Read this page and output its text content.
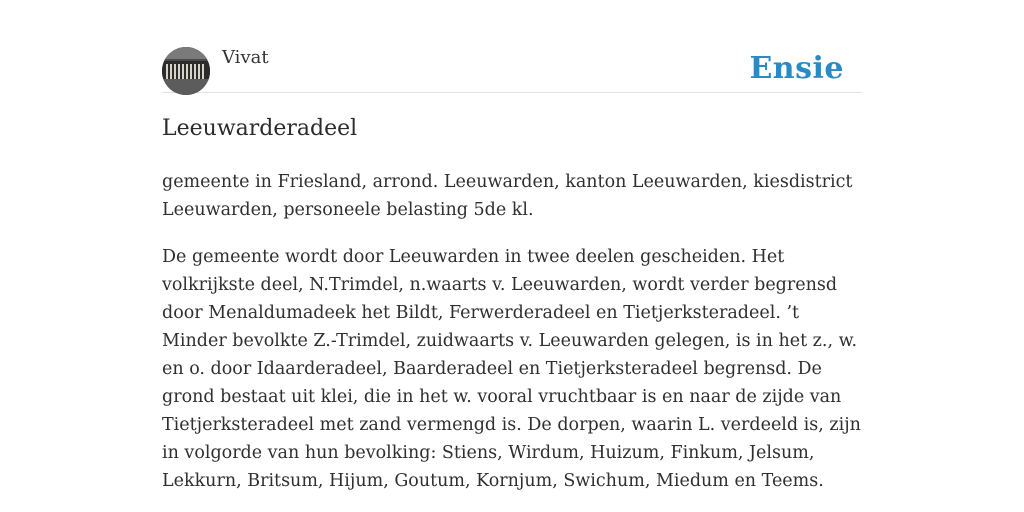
Vivat	Ensie
Leeuwarderadeel

gemeente in Friesland, arrond. Leeuwarden, kanton Leeuwarden, kiesdistrict Leeuwarden, personeele belasting 5de kl.

De gemeente wordt door Leeuwarden in twee deelen gescheiden. Het volkrijkste deel, N.Trimdel, n.waarts v. Leeuwarden, wordt verder begrensd door Menaldumadeek het Bildt, Ferwerderadeel en Tietjerksteradeel. ’t Minder bevolkte Z.-Trimdel, zuidwaarts v. Leeuwarden gelegen, is in het z., w. en o. door Idaarderadeel, Baarderadeel en Tietjerksteradeel begrensd. De grond bestaat uit klei, die in het w. vooral vruchtbaar is en naar de zijde van Tietjerksteradeel met zand vermengd is. De dorpen, waarin L. verdeeld is, zijn in volgorde van hun bevolking: Stiens, Wirdum, Huizum, Finkum, Jelsum, Lekkurn, Britsum, Hijum, Goutum, Kornjum, Swichum, Miedum en Teems.
